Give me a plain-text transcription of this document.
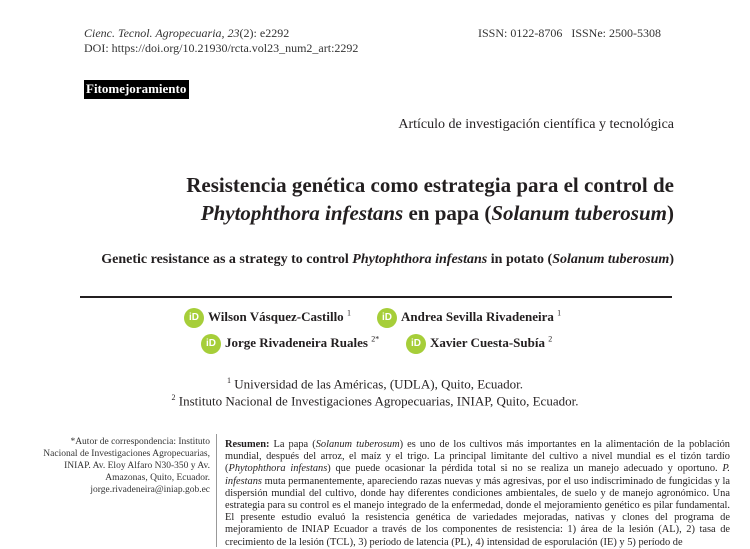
Cienc. Tecnol. Agropecuaria, 23(2): e2292
DOI: https://doi.org/10.21930/rcta.vol23_num2_art:2292
ISSN: 0122-8706   ISSNe: 2500-5308
Fitomejoramiento
Artículo de investigación científica y tecnológica
Resistencia genética como estrategia para el control de
Phytophthora infestans en papa (Solanum tuberosum)
Genetic resistance as a strategy to control Phytophthora infestans in potato (Solanum tuberosum)
iD Wilson Vásquez-Castillo $^1$	iD Andrea Sevilla Rivadeneira $^1$
iD Jorge Rivadeneira Ruales $^{2*}$	iD Xavier Cuesta-Subía $^2$
$^1$ Universidad de las Américas, (UDLA), Quito, Ecuador.
$^2$ Instituto Nacional de Investigaciones Agropecuarias, INIAP, Quito, Ecuador.
*Autor de correspondencia: Instituto
Nacional de Investigaciones Agropecuarias,
INIAP. Av. Eloy Alfaro N30-350 y Av.
Amazonas, Quito, Ecuador.
jorge.rivadeneira@iniap.gob.ec
Resumen: La papa (Solanum tuberosum) es uno de los cultivos más importantes en la alimentación de la población mundial, después del arroz, el maíz y el trigo. La principal limitante del cultivo a nivel mundial es el tizón tardío (Phytophthora infestans) que puede ocasionar la pérdida total si no se realiza un manejo adecuado y oportuno. P. infestans muta permanentemente, apareciendo razas nuevas y más agresivas, por el uso indiscriminado de fungicidas y la dispersión mundial del cultivo, donde hay diferentes condiciones ambientales, de suelo y de manejo agronómico. Una estrategia para su control es el manejo integrado de la enfermedad, donde el mejoramiento genético es pilar fundamental. El presente estudio evaluó la resistencia genética de variedades mejoradas, nativas y clones del programa de mejoramiento de INIAP Ecuador a través de los componentes de resistencia: 1) área de la lesión (AL), 2) tasa de crecimiento de la lesión (TCL), 3) período de latencia (PL), 4) intensidad de esporulación (IE) y 5) período de
